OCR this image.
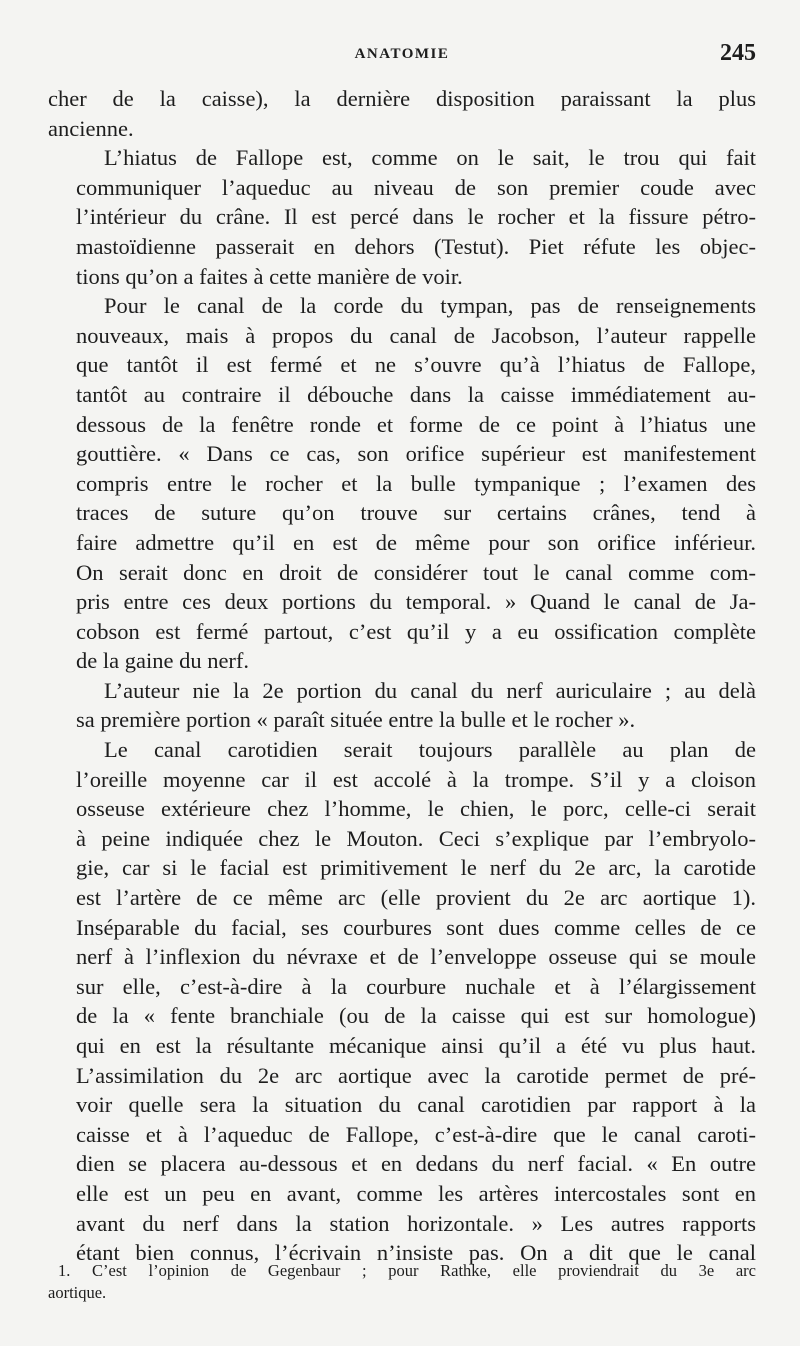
ANATOMIE	245

cher de la caisse), la dernière disposition paraissant la plus
ancienne.

L’hiatus de Fallope est, comme on le sait, le trou qui fait
communiquer l’aqueduc au niveau de son premier coude avec
l’intérieur du crâne. Il est percé dans le rocher et la fissure pétro-
mastoïdienne passerait en dehors (Testut). Piet réfute les objec-
tions qu’on a faites à cette manière de voir.

Pour le canal de la corde du tympan, pas de renseignements
nouveaux, mais à propos du canal de Jacobson, l’auteur rappelle
que tantôt il est fermé et ne s’ouvre qu’à l’hiatus de Fallope,
tantôt au contraire il débouche dans la caisse immédiatement au-
dessous de la fenêtre ronde et forme de ce point à l’hiatus une
gouttière. « Dans ce cas, son orifice supérieur est manifestement
compris entre le rocher et la bulle tympanique ; l’examen des
traces de suture qu’on trouve sur certains crânes, tend à
faire admettre qu’il en est de même pour son orifice inférieur.
On serait donc en droit de considérer tout le canal comme com-
pris entre ces deux portions du temporal. » Quand le canal de Ja-
cobson est fermé partout, c’est qu’il y a eu ossification complète
de la gaine du nerf.

L’auteur nie la 2e portion du canal du nerf auriculaire ; au delà
sa première portion « paraît située entre la bulle et le rocher ».

Le canal carotidien serait toujours parallèle au plan de
l’oreille moyenne car il est accolé à la trompe. S’il y a cloison
osseuse extérieure chez l’homme, le chien, le porc, celle-ci serait
à peine indiquée chez le Mouton. Ceci s’explique par l’embryolo-
gie, car si le facial est primitivement le nerf du 2e arc, la carotide
est l’artère de ce même arc (elle provient du 2e arc aortique 1).
Inséparable du facial, ses courbures sont dues comme celles de ce
nerf à l’inflexion du névraxe et de l’enveloppe osseuse qui se moule
sur elle, c’est-à-dire à la courbure nuchale et à l’élargissement
de la « fente branchiale (ou de la caisse qui est sur homologue)
qui en est la résultante mécanique ainsi qu’il a été vu plus haut.
L’assimilation du 2e arc aortique avec la carotide permet de pré-
voir quelle sera la situation du canal carotidien par rapport à la
caisse et à l’aqueduc de Fallope, c’est-à-dire que le canal caroti-
dien se placera au-dessous et en dedans du nerf facial. « En outre
elle est un peu en avant, comme les artères intercostales sont en
avant du nerf dans la station horizontale. » Les autres rapports
étant bien connus, l’écrivain n’insiste pas. On a dit que le canal

1. C’est l’opinion de Gegenbaur ; pour Rathke, elle proviendrait du 3e arc
aortique.
